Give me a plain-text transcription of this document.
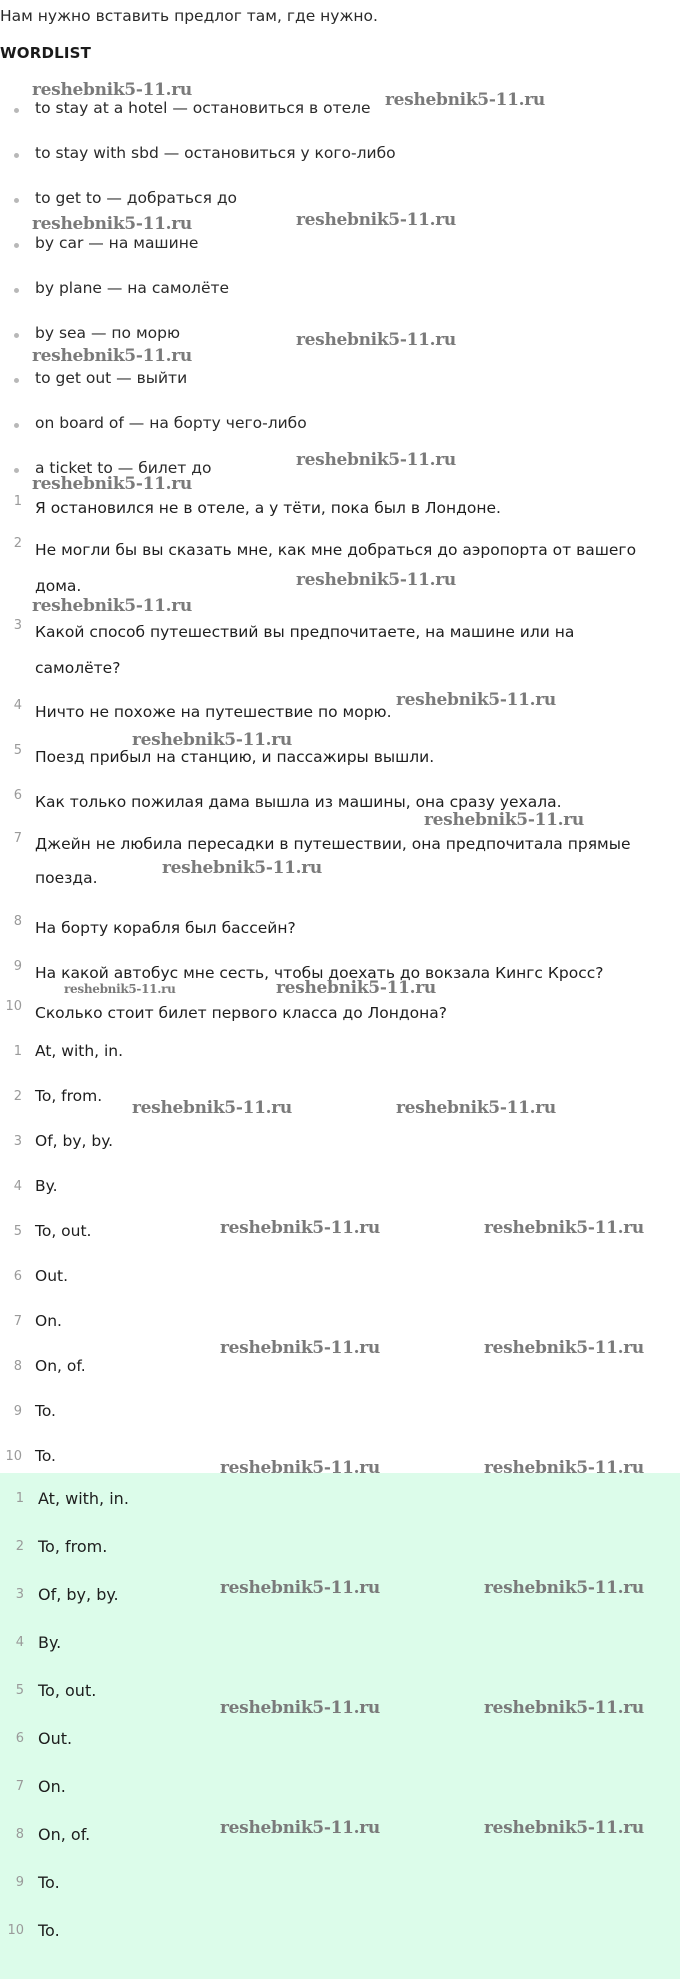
Нам нужно вставить предлог там, где нужно.
WORDLIST
to stay at a hotel — остановиться в отеле
to stay with sbd — остановиться у кого-либо
to get to — добраться до
by car — на машине
by plane — на самолёте
by sea — по морю
to get out — выйти
on board of — на борту чего-либо
a ticket to — билет до
1 Я остановился не в отеле, а у тёти, пока был в Лондоне.
2 Не могли бы вы сказать мне, как мне добраться до аэропорта от вашего дома.
3 Какой способ путешествий вы предпочитаете, на машине или на самолёте?
4 Ничто не похоже на путешествие по морю.
5 Поезд прибыл на станцию, и пассажиры вышли.
6 Как только пожилая дама вышла из машины, она сразу уехала.
7 Джейн не любила пересадки в путешествии, она предпочитала прямые поезда.
8 На борту корабля был бассейн?
9 На какой автобус мне сесть, чтобы доехать до вокзала Кингс Кросс?
10 Сколько стоит билет первого класса до Лондона?
1 At, with, in.
2 To, from.
3 Of, by, by.
4 By.
5 To, out.
6 Out.
7 On.
8 On, of.
9 To.
10 To.
1 At, with, in.
2 To, from.
3 Of, by, by.
4 By.
5 To, out.
6 Out.
7 On.
8 On, of.
9 To.
10 To.
reshebnik5-11.ru	reshebnik5-11.ru
reshebnik5-11.ru	reshebnik5-11.ru
reshebnik5-11.ru
reshebnik5-11.ru
reshebnik5-11.ru
reshebnik5-11.ru
reshebnik5-11.ru
reshebnik5-11.ru
reshebnik5-11.ru
reshebnik5-11.ru
reshebnik5-11.ru
reshebnik5-11.ru
reshebnik5-11.ru	reshebnik5-11.ru
reshebnik5-11.ru	reshebnik5-11.ru
reshebnik5-11.ru	reshebnik5-11.ru
reshebnik5-11.ru	reshebnik5-11.ru
reshebnik5-11.ru	reshebnik5-11.ru
reshebnik5-11.ru	reshebnik5-11.ru
reshebnik5-11.ru	reshebnik5-11.ru
reshebnik5-11.ru	reshebnik5-11.ru
